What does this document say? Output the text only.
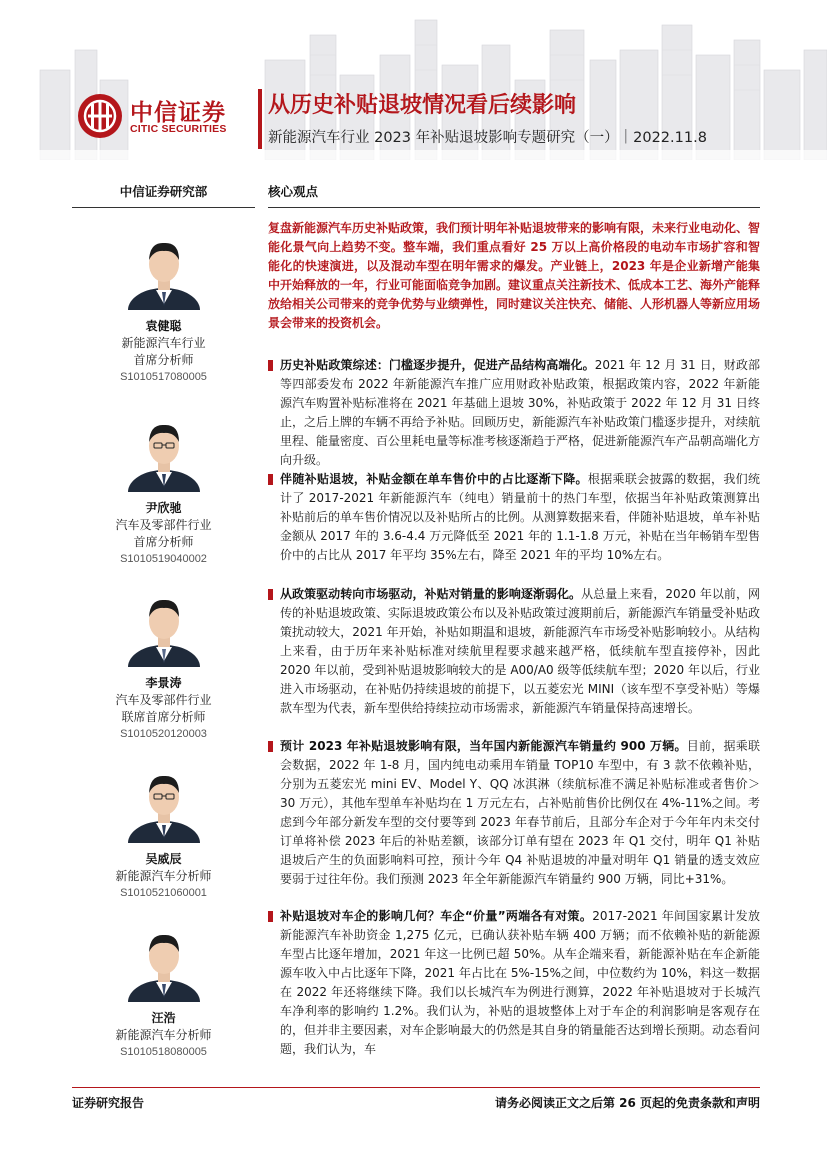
中信证券
CITIC SECURITIES
从历史补贴退坡情况看后续影响
新能源汽车行业 2023 年补贴退坡影响专题研究（一）｜2022.11.8
中信证券研究部
袁健聪
新能源汽车行业
首席分析师
S1010517080005
尹欣驰
汽车及零部件行业
首席分析师
S1010519040002
李景涛
汽车及零部件行业
联席首席分析师
S1010520120003
吴威辰
新能源汽车分析师
S1010521060001
汪浩
新能源汽车分析师
S1010518080005
核心观点
复盘新能源汽车历史补贴政策，我们预计明年补贴退坡带来的影响有限，未来行业电动化、智能化景气向上趋势不变。整车端，我们重点看好 25 万以上高价格段的电动车市场扩容和智能化的快速演进，以及混动车型在明年需求的爆发。产业链上，2023 年是企业新增产能集中开始释放的一年，行业可能面临竞争加剧。建议重点关注新技术、低成本工艺、海外产能释放给相关公司带来的竞争优势与业绩弹性，同时建议关注快充、储能、人形机器人等新应用场景会带来的投资机会。
历史补贴政策综述：门槛逐步提升，促进产品结构高端化。2021 年 12 月 31 日，财政部等四部委发布 2022 年新能源汽车推广应用财政补贴政策，根据政策内容，2022 年新能源汽车购置补贴标准将在 2021 年基础上退坡 30%，补贴政策于 2022 年 12 月 31 日终止，之后上牌的车辆不再给予补贴。回顾历史，新能源汽车补贴政策门槛逐步提升，对续航里程、能量密度、百公里耗电量等标准考核逐渐趋于严格，促进新能源汽车产品朝高端化方向升级。
伴随补贴退坡，补贴金额在单车售价中的占比逐渐下降。根据乘联会披露的数据，我们统计了 2017-2021 年新能源汽车（纯电）销量前十的热门车型，依据当年补贴政策测算出补贴前后的单车售价情况以及补贴所占的比例。从测算数据来看，伴随补贴退坡，单车补贴金额从 2017 年的 3.6-4.4 万元降低至 2021 年的 1.1-1.8 万元，补贴在当年畅销车型售价中的占比从 2017 年平均 35%左右，降至 2021 年的平均 10%左右。
从政策驱动转向市场驱动，补贴对销量的影响逐渐弱化。从总量上来看，2020 年以前，网传的补贴退坡政策、实际退坡政策公布以及补贴政策过渡期前后，新能源汽车销量受补贴政策扰动较大，2021 年开始，补贴如期温和退坡，新能源汽车市场受补贴影响较小。从结构上来看，由于历年来补贴标准对续航里程要求越来越严格，低续航车型直接停补，因此 2020 年以前，受到补贴退坡影响较大的是 A00/A0 级等低续航车型；2020 年以后，行业进入市场驱动，在补贴仍持续退坡的前提下，以五菱宏光 MINI（该车型不享受补贴）等爆款车型为代表，新车型供给持续拉动市场需求，新能源汽车销量保持高速增长。
预计 2023 年补贴退坡影响有限，当年国内新能源汽车销量约 900 万辆。目前，据乘联会数据，2022 年 1-8 月，国内纯电动乘用车销量 TOP10 车型中，有 3 款不依赖补贴，分别为五菱宏光 mini EV、Model Y、QQ 冰淇淋（续航标准不满足补贴标准或者售价＞30 万元），其他车型单车补贴均在 1 万元左右，占补贴前售价比例仅在 4%-11%之间。考虑到今年部分新发车型的交付要等到 2023 年春节前后，且部分车企对于今年年内未交付订单将补偿 2023 年后的补贴差额，该部分订单有望在 2023 年 Q1 交付，明年 Q1 补贴退坡后产生的负面影响料可控，预计今年 Q4 补贴退坡的冲量对明年 Q1 销量的透支效应要弱于过往年份。我们预测 2023 年全年新能源汽车销量约 900 万辆，同比+31%。
补贴退坡对车企的影响几何？车企“价量”两端各有对策。2017-2021 年间国家累计发放新能源汽车补助资金 1,275 亿元，已确认获补贴车辆 400 万辆；而不依赖补贴的新能源车型占比逐年增加，2021 年这一比例已超 50%。从车企端来看，新能源补贴在车企新能源车收入中占比逐年下降，2021 年占比在 5%-15%之间，中位数约为 10%，料这一数据在 2022 年还将继续下降。我们以长城汽车为例进行测算，2022 年补贴退坡对于长城汽车净利率的影响约 1.2%。我们认为，补贴的退坡整体上对于车企的利润影响是客观存在的，但并非主要因素，对车企影响最大的仍然是其自身的销量能否达到增长预期。动态看问题，我们认为，车
证券研究报告	请务必阅读正文之后第 26 页起的免责条款和声明
